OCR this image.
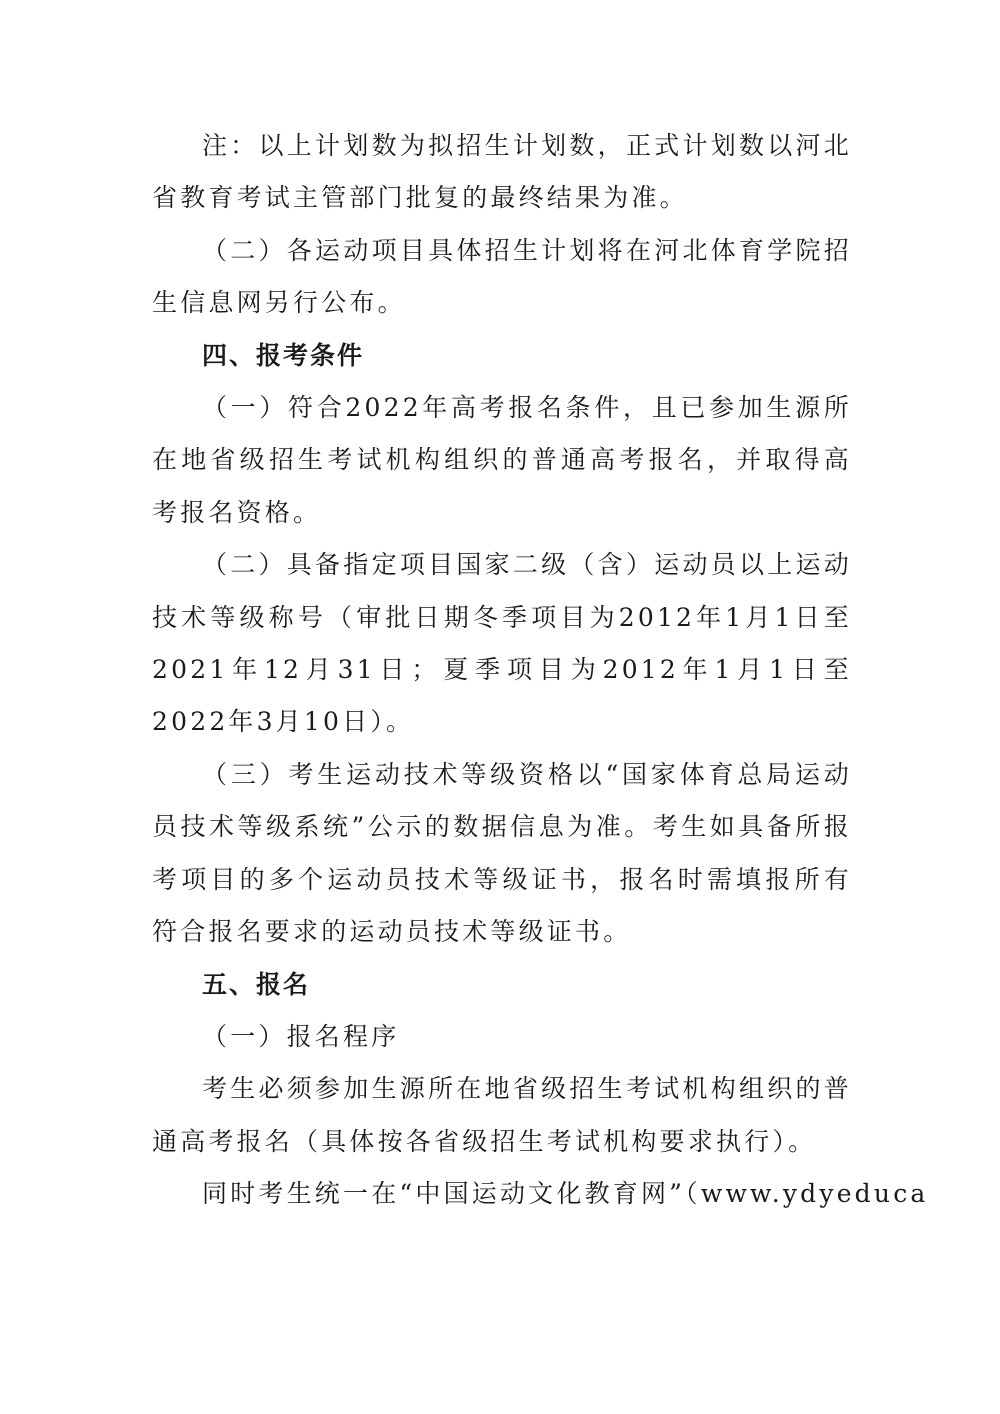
注：以上计划数为拟招生计划数，正式计划数以河北省教育考试主管部门批复的最终结果为准。

（二）各运动项目具体招生计划将在河北体育学院招生信息网另行公布。

四、报考条件

（一）符合2022年高考报名条件，且已参加生源所在地省级招生考试机构组织的普通高考报名，并取得高考报名资格。

（二）具备指定项目国家二级（含）运动员以上运动技术等级称号（审批日期冬季项目为2012年1月1日至2021年12月31日；夏季项目为2012年1月1日至2022年3月10日）。

（三）考生运动技术等级资格以“国家体育总局运动员技术等级系统”公示的数据信息为准。考生如具备所报考项目的多个运动员技术等级证书，报名时需填报所有符合报名要求的运动员技术等级证书。

五、报名

（一）报名程序

考生必须参加生源所在地省级招生考试机构组织的普通高考报名（具体按各省级招生考试机构要求执行）。

同时考生统一在“中国运动文化教育网”（www.ydyeduca
